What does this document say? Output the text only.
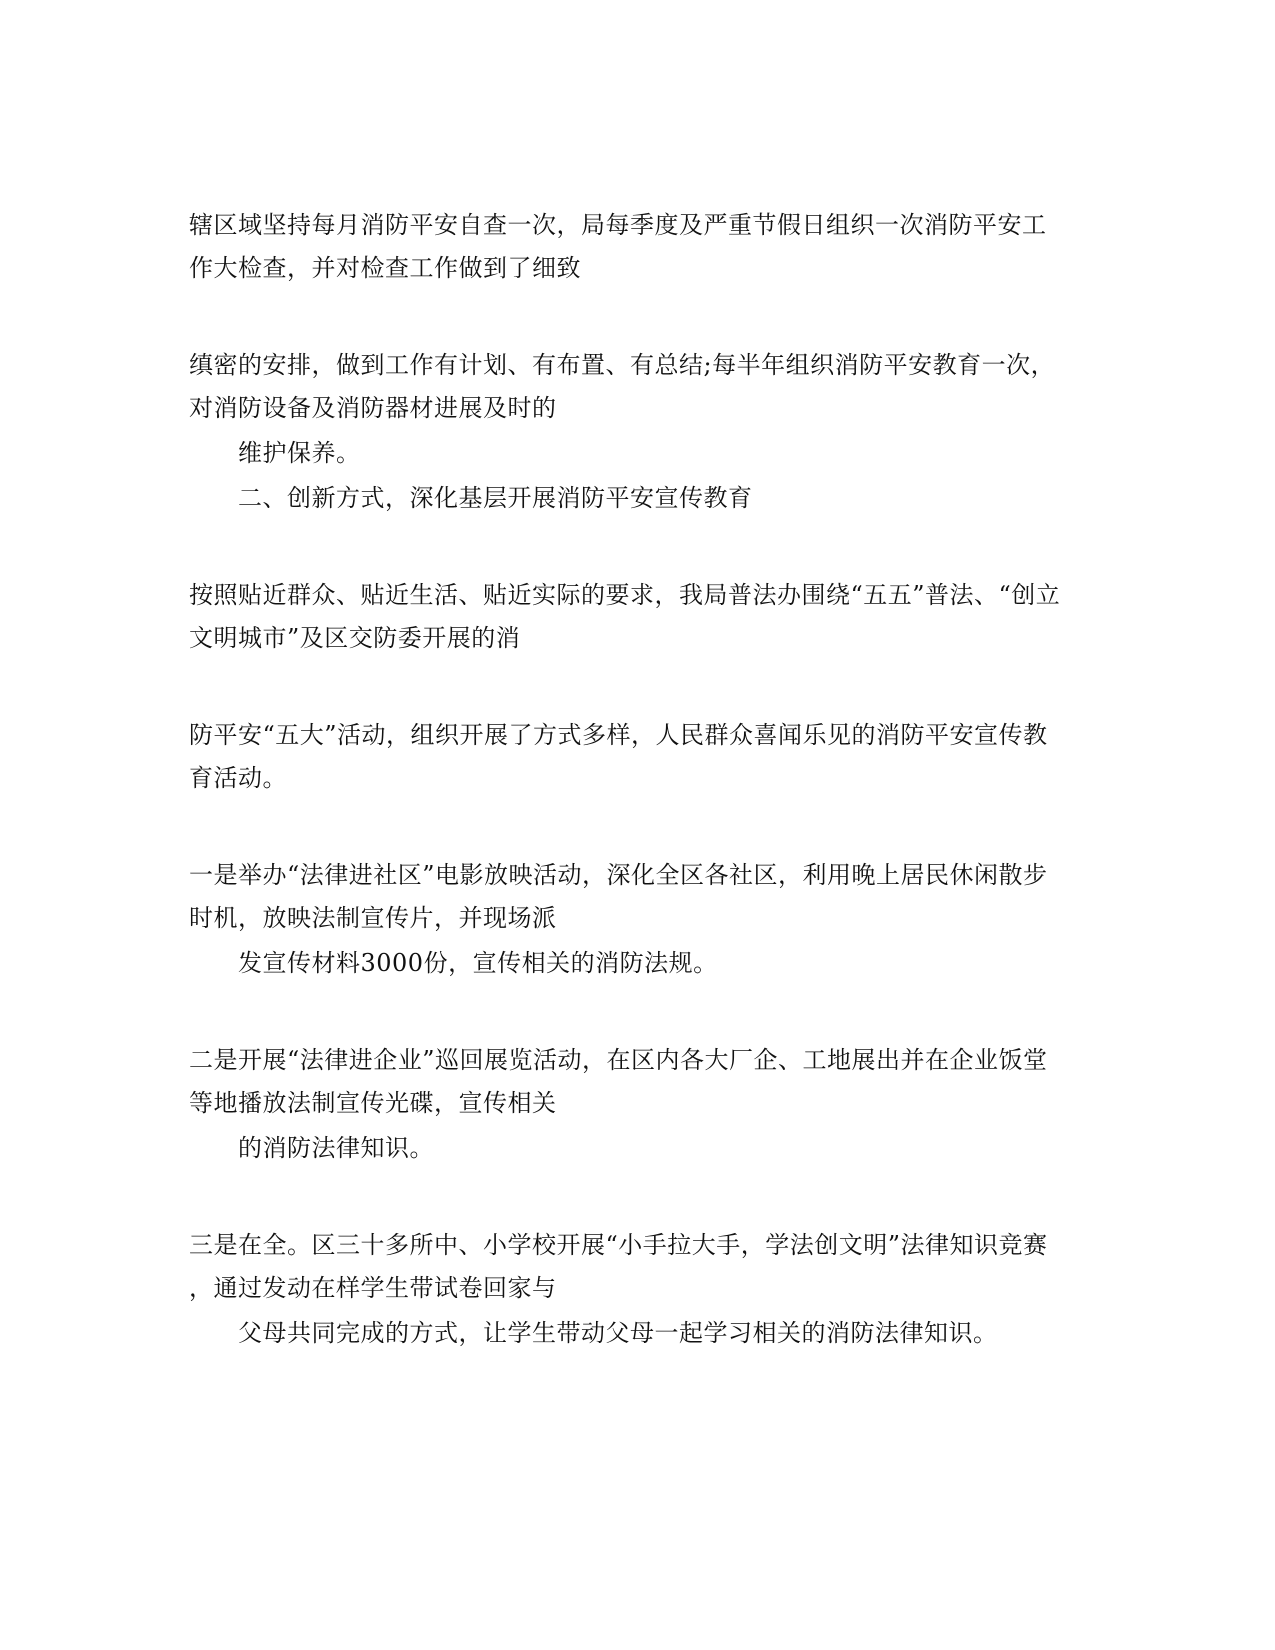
辖区域坚持每月消防平安自查一次，局每季度及严重节假日组织一次消防平安工
作大检查，并对检查工作做到了细致
缜密的安排，做到工作有计划、有布置、有总结;每半年组织消防平安教育一次，
对消防设备及消防器材进展及时的
维护保养。
二、创新方式，深化基层开展消防平安宣传教育
按照贴近群众、贴近生活、贴近实际的要求，我局普法办围绕“五五”普法、“创立
文明城市”及区交防委开展的消
防平安“五大”活动，组织开展了方式多样，人民群众喜闻乐见的消防平安宣传教
育活动。
一是举办“法律进社区”电影放映活动，深化全区各社区，利用晚上居民休闲散步
时机，放映法制宣传片，并现场派
发宣传材料3000份，宣传相关的消防法规。
二是开展“法律进企业”巡回展览活动，在区内各大厂企、工地展出并在企业饭堂
等地播放法制宣传光碟，宣传相关
的消防法律知识。
三是在全。区三十多所中、小学校开展“小手拉大手，学法创文明”法律知识竞赛
，通过发动在样学生带试卷回家与
父母共同完成的方式，让学生带动父母一起学习相关的消防法律知识。
